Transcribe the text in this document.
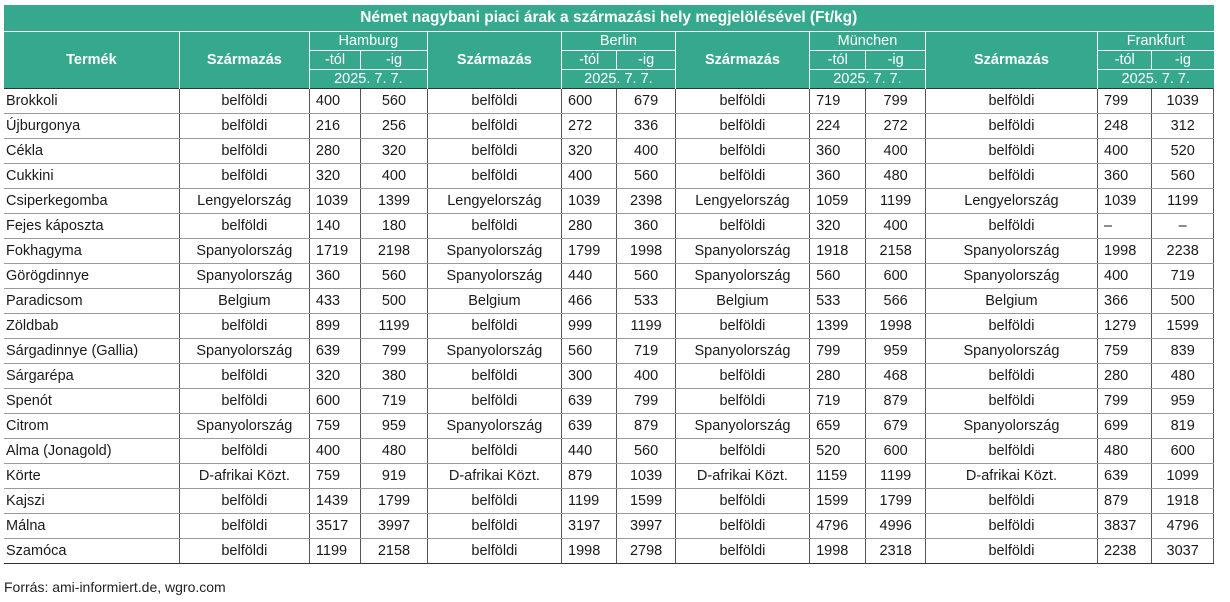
Német nagybani piaci árak a származási hely megjelölésével (Ft/kg)												
Termék	Származás	Hamburg		Származás	Berlin		Származás	München		Származás	Frankfurt	
		-tól	-ig		-tól	-ig		-tól	-ig		-tól	-ig
		2025. 7. 7.			2025. 7. 7.			2025. 7. 7.			2025. 7. 7.	
Brokkoli	belföldi	400	560	belföldi	600	679	belföldi	719	799	belföldi	799	1039
Újburgonya	belföldi	216	256	belföldi	272	336	belföldi	224	272	belföldi	248	312
Cékla	belföldi	280	320	belföldi	320	400	belföldi	360	400	belföldi	400	520
Cukkini	belföldi	320	400	belföldi	400	560	belföldi	360	480	belföldi	360	560
Csiperkegomba	Lengyelország	1039	1399	Lengyelország	1039	2398	Lengyelország	1059	1199	Lengyelország	1039	1199
Fejes káposzta	belföldi	140	180	belföldi	280	360	belföldi	320	400	belföldi	–	–
Fokhagyma	Spanyolország	1719	2198	Spanyolország	1799	1998	Spanyolország	1918	2158	Spanyolország	1998	2238
Görögdinnye	Spanyolország	360	560	Spanyolország	440	560	Spanyolország	560	600	Spanyolország	400	719
Paradicsom	Belgium	433	500	Belgium	466	533	Belgium	533	566	Belgium	366	500
Zöldbab	belföldi	899	1199	belföldi	999	1199	belföldi	1399	1998	belföldi	1279	1599
Sárgadinnye (Gallia)	Spanyolország	639	799	Spanyolország	560	719	Spanyolország	799	959	Spanyolország	759	839
Sárgarépa	belföldi	320	380	belföldi	300	400	belföldi	280	468	belföldi	280	480
Spenót	belföldi	600	719	belföldi	639	799	belföldi	719	879	belföldi	799	959
Citrom	Spanyolország	759	959	Spanyolország	639	879	Spanyolország	659	679	Spanyolország	699	819
Alma (Jonagold)	belföldi	400	480	belföldi	440	560	belföldi	520	600	belföldi	480	600
Körte	D-afrikai Közt.	759	919	D-afrikai Közt.	879	1039	D-afrikai Közt.	1159	1199	D-afrikai Közt.	639	1099
Kajszi	belföldi	1439	1799	belföldi	1199	1599	belföldi	1599	1799	belföldi	879	1918
Málna	belföldi	3517	3997	belföldi	3197	3997	belföldi	4796	4996	belföldi	3837	4796
Szamóca	belföldi	1199	2158	belföldi	1998	2798	belföldi	1998	2318	belföldi	2238	3037
Forrás: ami-informiert.de, wgro.com
